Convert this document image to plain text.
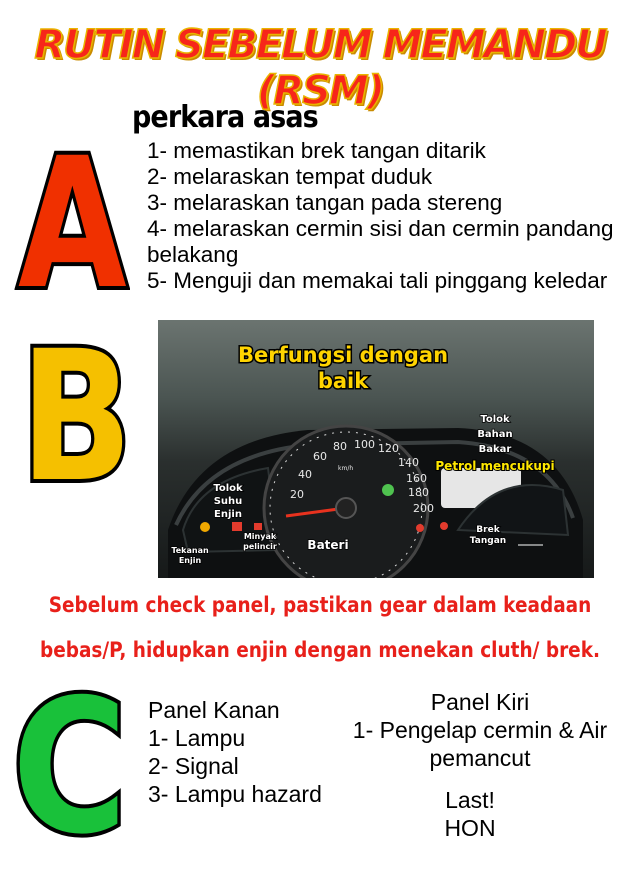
RUTIN SEBELUM MEMANDU (RSM)
A
perkara asas
1- memastikan brek tangan ditarik
2- melaraskan tempat duduk
3- melaraskan tangan pada stereng
4- melaraskan cermin sisi dan cermin pandang belakang
5- Menguji dan memakai tali pinggang keledar
B	20
40
60
80 100 120
140
160
180
200
km/h
Berfungsi dengan
baik
Tolok
Bahan
Bakar
Petrol mencukupi
Tolok
Suhu
Enjin
Minyak
pelincir
Tekanan
Enjin
Bateri
Brek
Tangan
Sebelum check panel, pastikan gear dalam keadaan
bebas/P, hidupkan enjin dengan menekan cluth/ brek.
C Panel Kanan
1- Lampu
2- Signal
3- Lampu hazard
Panel Kiri
1- Pengelap cermin & Air
pemancut
Last!
HON
